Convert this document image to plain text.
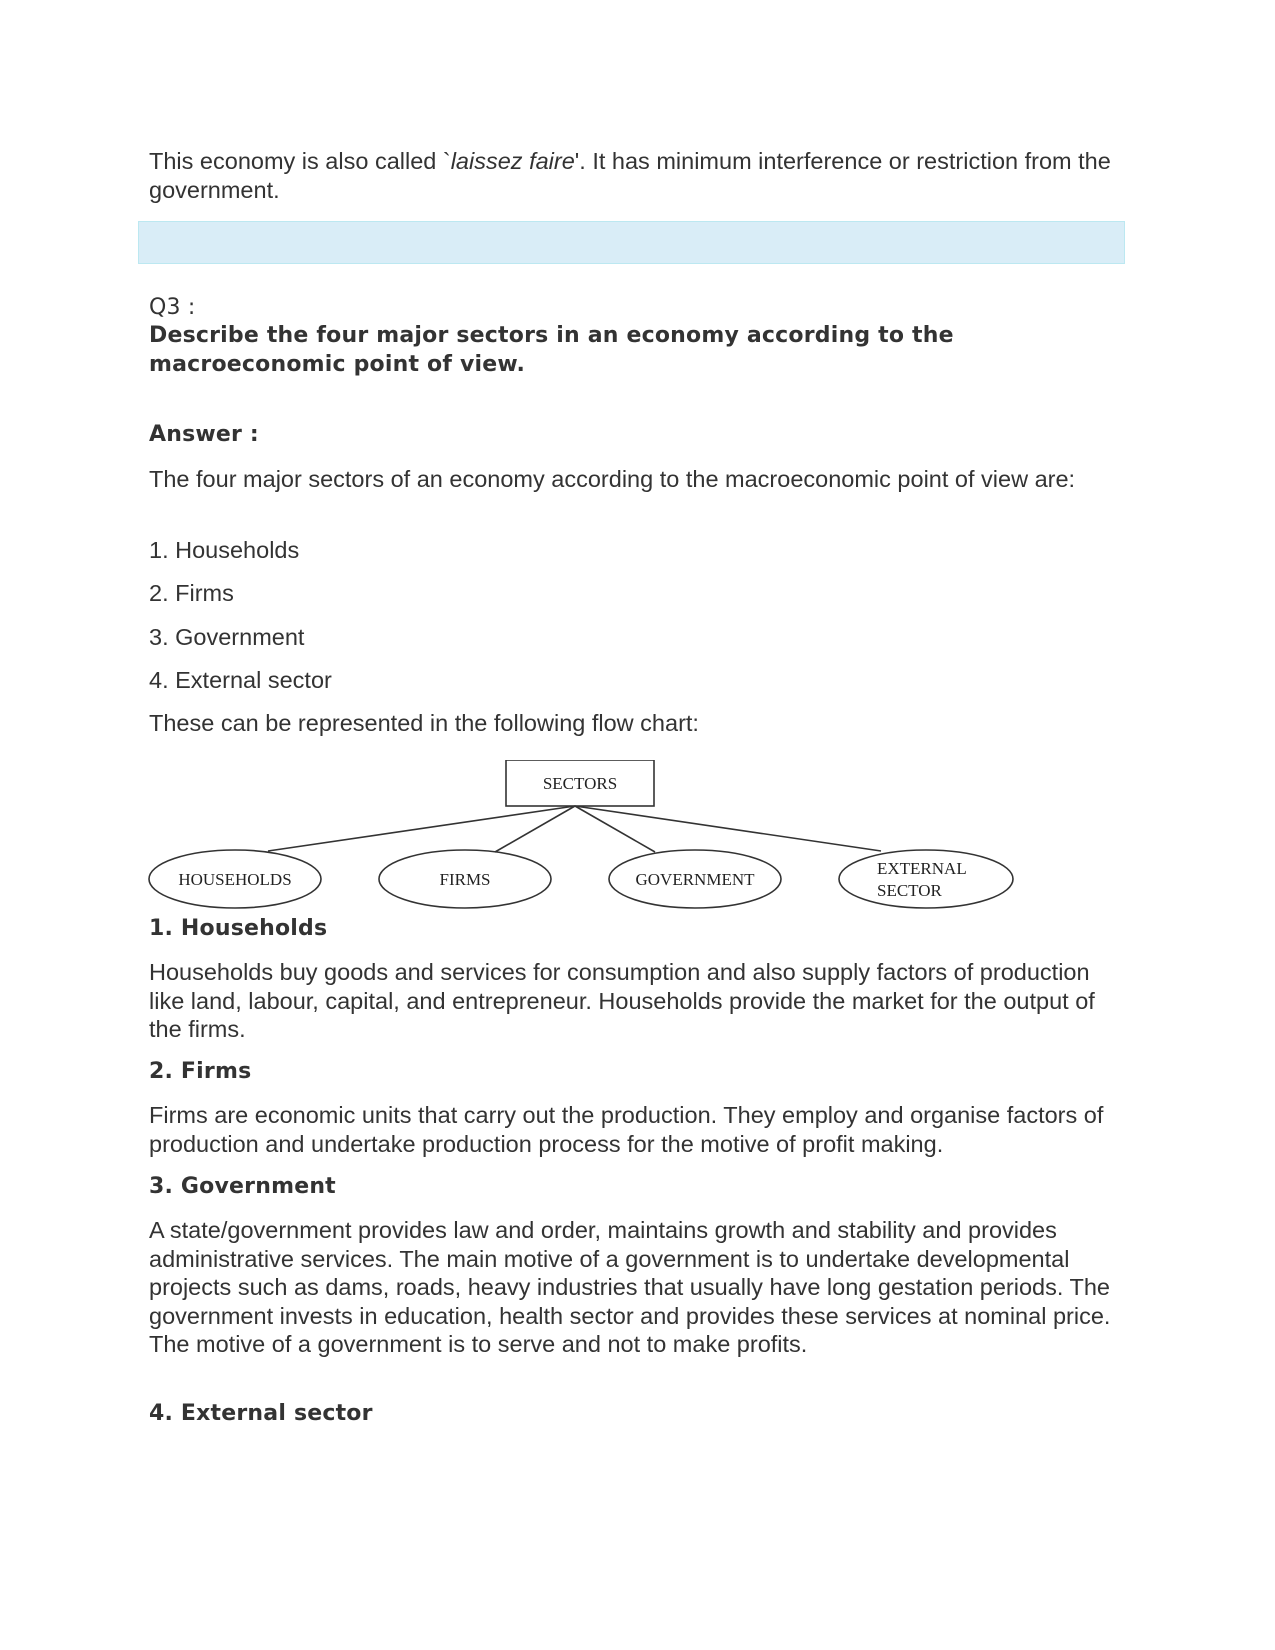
This economy is also called `laissez faire'. It has minimum interference or restriction from the government.

Q3 :

Describe the four major sectors in an economy according to the macroeconomic point of view.

Answer :

The four major sectors of an economy according to the macroeconomic point of view are:

1. Households

2. Firms

3. Government

4. External sector

These can be represented in the following flow chart:

SECTORS
HOUSEHOLDS	FIRMS	GOVERNMENT
EXTERNAL
SECTOR

1. Households

Households buy goods and services for consumption and also supply factors of production like land, labour, capital, and entrepreneur. Households provide the market for the output of the firms.

2. Firms

Firms are economic units that carry out the production. They employ and organise factors of production and undertake production process for the motive of profit making.

3. Government

A state/government provides law and order, maintains growth and stability and provides administrative services. The main motive of a government is to undertake developmental projects such as dams, roads, heavy industries that usually have long gestation periods. The government invests in education, health sector and provides these services at nominal price. The motive of a government is to serve and not to make profits.

4. External sector
